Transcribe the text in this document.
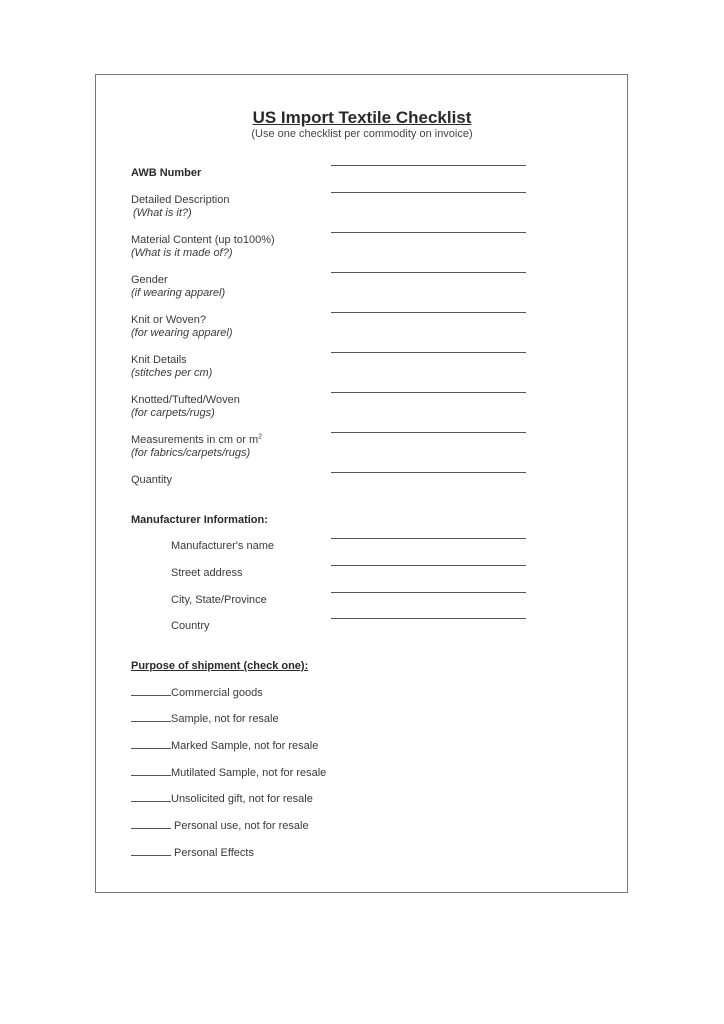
US Import Textile Checklist
(Use one checklist per commodity on invoice)
AWB Number
Detailed Description
(What is it?)
Material Content (up to100%)
(What is it made of?)
Gender
(if wearing apparel)
Knit or Woven?
(for wearing apparel)
Knit Details
(stitches per cm)
Knotted/Tufted/Woven
(for carpets/rugs)
Measurements in cm or $m^2$
(for fabrics/carpets/rugs)
Quantity
Manufacturer Information:
Manufacturer's name
Street address
City, State/Province
Country
Purpose of shipment (check one):
Commercial goods
Sample, not for resale
Marked Sample, not for resale
Mutilated Sample, not for resale
Unsolicited gift, not for resale
Personal use, not for resale
Personal Effects
